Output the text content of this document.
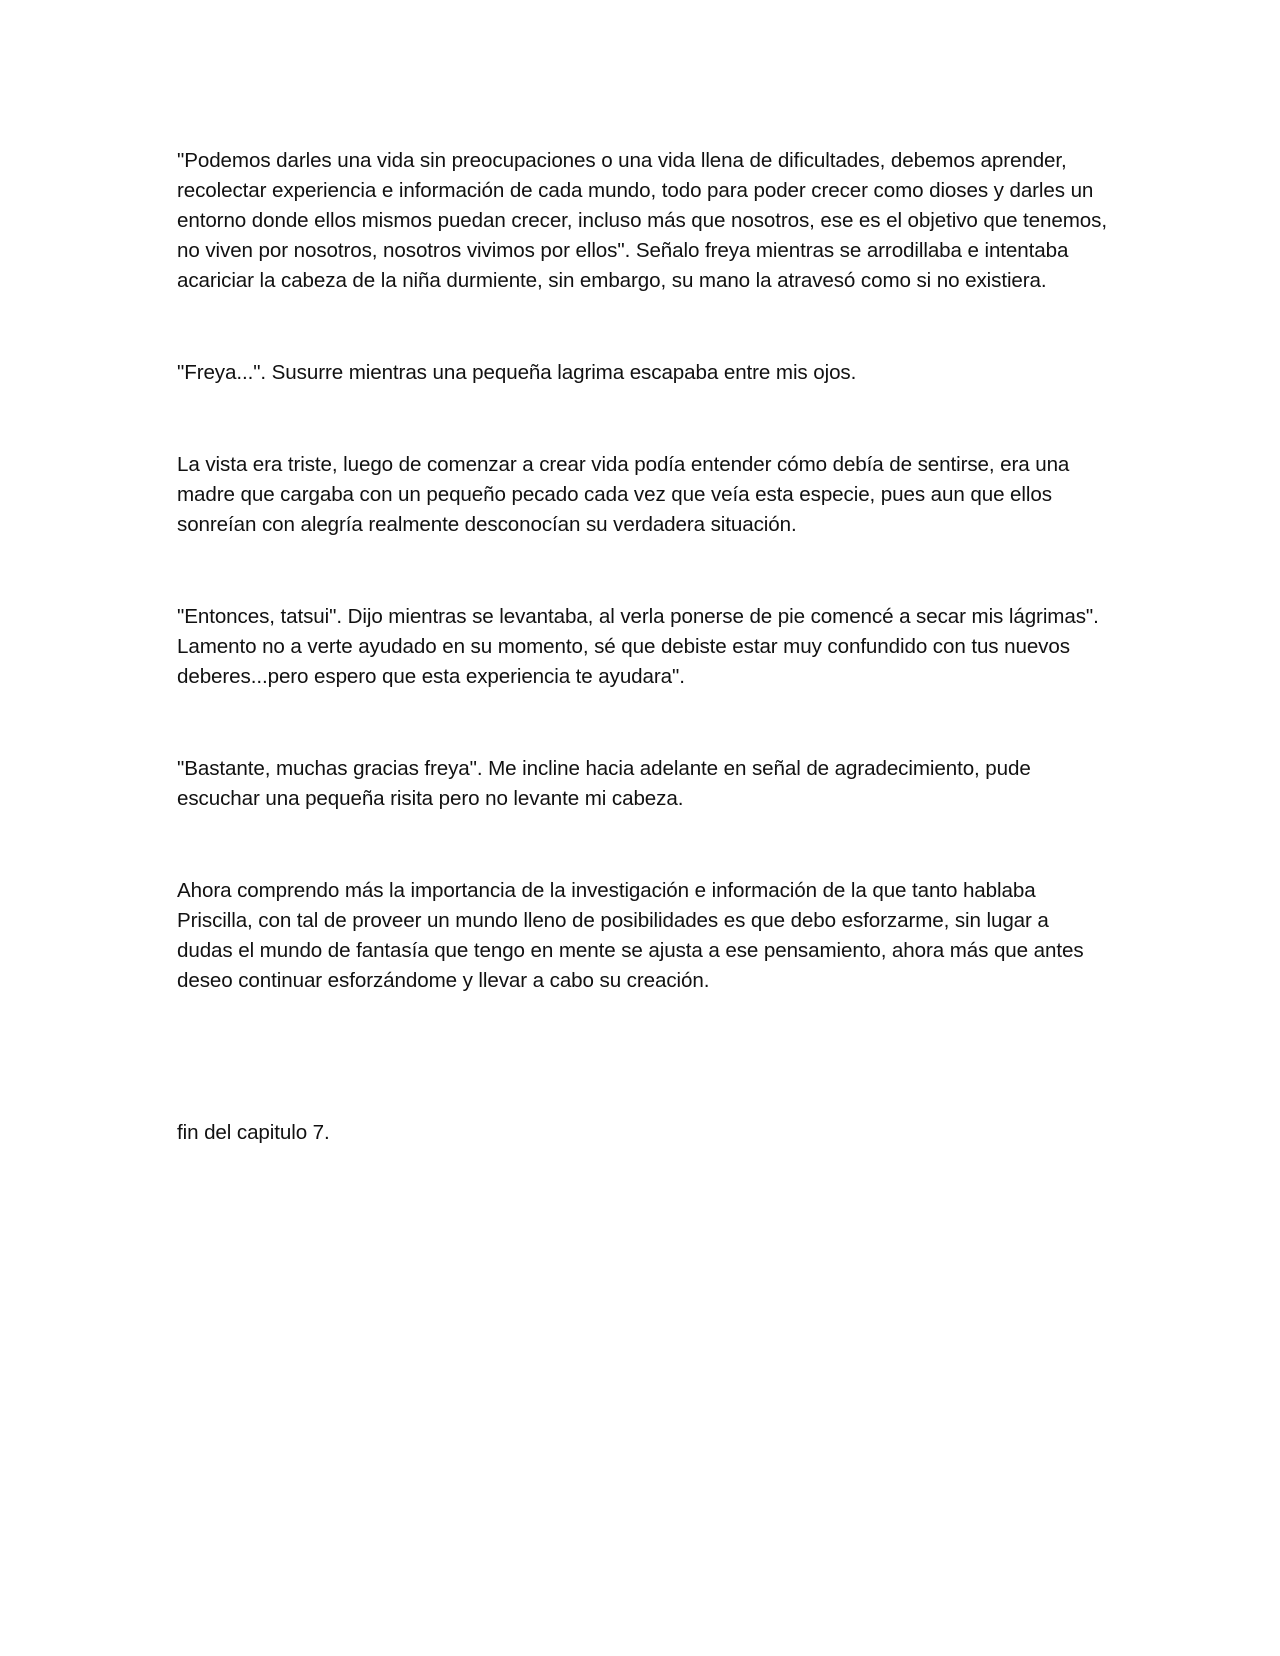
"Podemos darles una vida sin preocupaciones o una vida llena de dificultades, debemos aprender, recolectar experiencia e información de cada mundo, todo para poder crecer como dioses y darles un entorno donde ellos mismos puedan crecer, incluso más que nosotros, ese es el objetivo que tenemos, no viven por nosotros, nosotros vivimos por ellos". Señalo freya mientras se arrodillaba e intentaba acariciar la cabeza de la niña durmiente, sin embargo, su mano la atravesó como si no existiera.

"Freya...". Susurre mientras una pequeña lagrima escapaba entre mis ojos.

La vista era triste, luego de comenzar a crear vida podía entender cómo debía de sentirse, era una madre que cargaba con un pequeño pecado cada vez que veía esta especie, pues aun que ellos sonreían con alegría realmente desconocían su verdadera situación.

"Entonces, tatsui". Dijo mientras se levantaba, al verla ponerse de pie comencé a secar mis lágrimas". Lamento no a verte ayudado en su momento, sé que debiste estar muy confundido con tus nuevos deberes...pero espero que esta experiencia te ayudara".

"Bastante, muchas gracias freya". Me incline hacia adelante en señal de agradecimiento, pude escuchar una pequeña risita pero no levante mi cabeza.

Ahora comprendo más la importancia de la investigación e información de la que tanto hablaba Priscilla, con tal de proveer un mundo lleno de posibilidades es que debo esforzarme, sin lugar a dudas el mundo de fantasía que tengo en mente se ajusta a ese pensamiento, ahora más que antes deseo continuar esforzándome y llevar a cabo su creación.

fin del capitulo 7.
